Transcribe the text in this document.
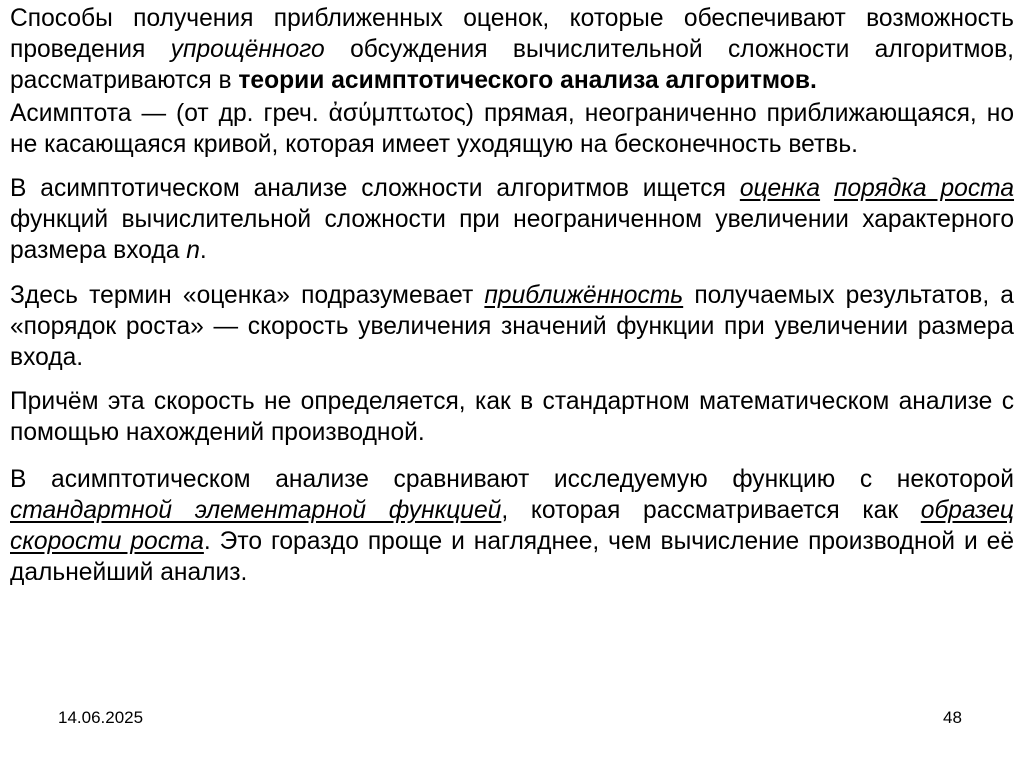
Способы получения приближенных оценок, которые обеспечивают возможность проведения упрощённого обсуждения вычислительной сложности алгоритмов, рассматриваются в теории асимптотического анализа алгоритмов.

Асимптота — (от др. греч. ἀσύμπτωτος) прямая, неограниченно приближающаяся, но не касающаяся кривой, которая имеет уходящую на бесконечность ветвь.

В асимптотическом анализе сложности алгоритмов ищется оценка порядка роста функций вычислительной сложности при неограниченном увеличении характерного размера входа n.

Здесь термин «оценка» подразумевает приближённость получаемых результатов, а «порядок роста» — скорость увеличения значений функции при увеличении размера входа.

Причём эта скорость не определяется, как в стандартном математическом анализе с помощью нахождений производной.

В асимптотическом анализе сравнивают исследуемую функцию с некоторой стандартной элементарной функцией, которая рассматривается как образец скорости роста. Это гораздо проще и нагляднее, чем вычисление производной и её дальнейший анализ.

14.06.2025	48
